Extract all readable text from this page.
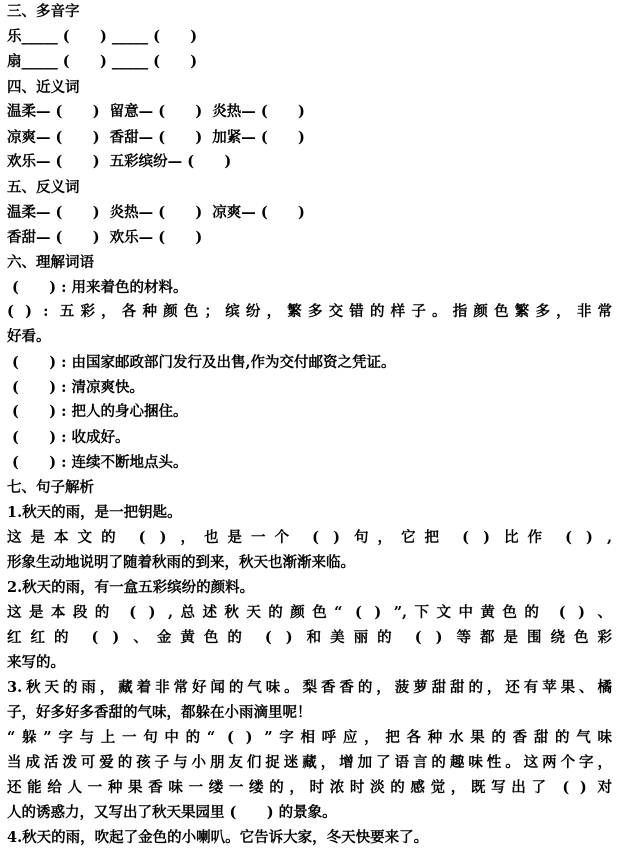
三、多音字
乐_____ (      ) _____ (      )
扇_____ (      ) _____ (      )
四、近义词
温柔— (      )  留意— (      )  炎热— (      )
凉爽— (      )  香甜— (      )  加紧— (      )
欢乐— (      )  五彩缤纷— (      )
五、反义词
温柔— (      )  炎热— (      )  凉爽— (      )
香甜— (      )  欢乐— (      )
六、理解词语
(      ) : 用来着色的材料。
( ) : 五彩，各种颜色；缤纷，繁多交错的样子。指颜色繁多，非常
好看。
(      ) : 由国家邮政部门发行及出售,作为交付邮资之凭证。
(      ) : 清凉爽快。
(      ) : 把人的身心捆住。
(      ) : 收成好。
(      ) : 连续不断地点头。
七、句子解析
1.秋天的雨，是一把钥匙。
这是本文的 ( ) ，也是一个 ( ) 句，它把 ( ) 比作 ( ) ,
形象生动地说明了随着秋雨的到来，秋天也渐渐来临。
2.秋天的雨，有一盒五彩缤纷的颜料。
这是本段的 ( ) ,总述秋天的颜色“ ( ) ”,下文中黄色的 ( ) 、
红红的 ( ) 、金黄色的 ( ) 和美丽的 ( ) 等都是围绕色彩
来写的。
3.秋天的雨，藏着非常好闻的气味。梨香香的，菠萝甜甜的，还有苹果、橘
子，好多好多香甜的气味，都躲在小雨滴里呢！
“躲”字与上一句中的“ ( ) ”字相呼应，把各种水果的香甜的气味
当成活泼可爱的孩子与小朋友们捉迷藏，增加了语言的趣味性。这两个字，
还能给人一种果香味一缕一缕的，时浓时淡的感觉，既写出了 ( ) 对
人的诱惑力，又写出了秋天果园里 (      ) 的景象。
4.秋天的雨，吹起了金色的小喇叭。它告诉大家，冬天快要来了。
